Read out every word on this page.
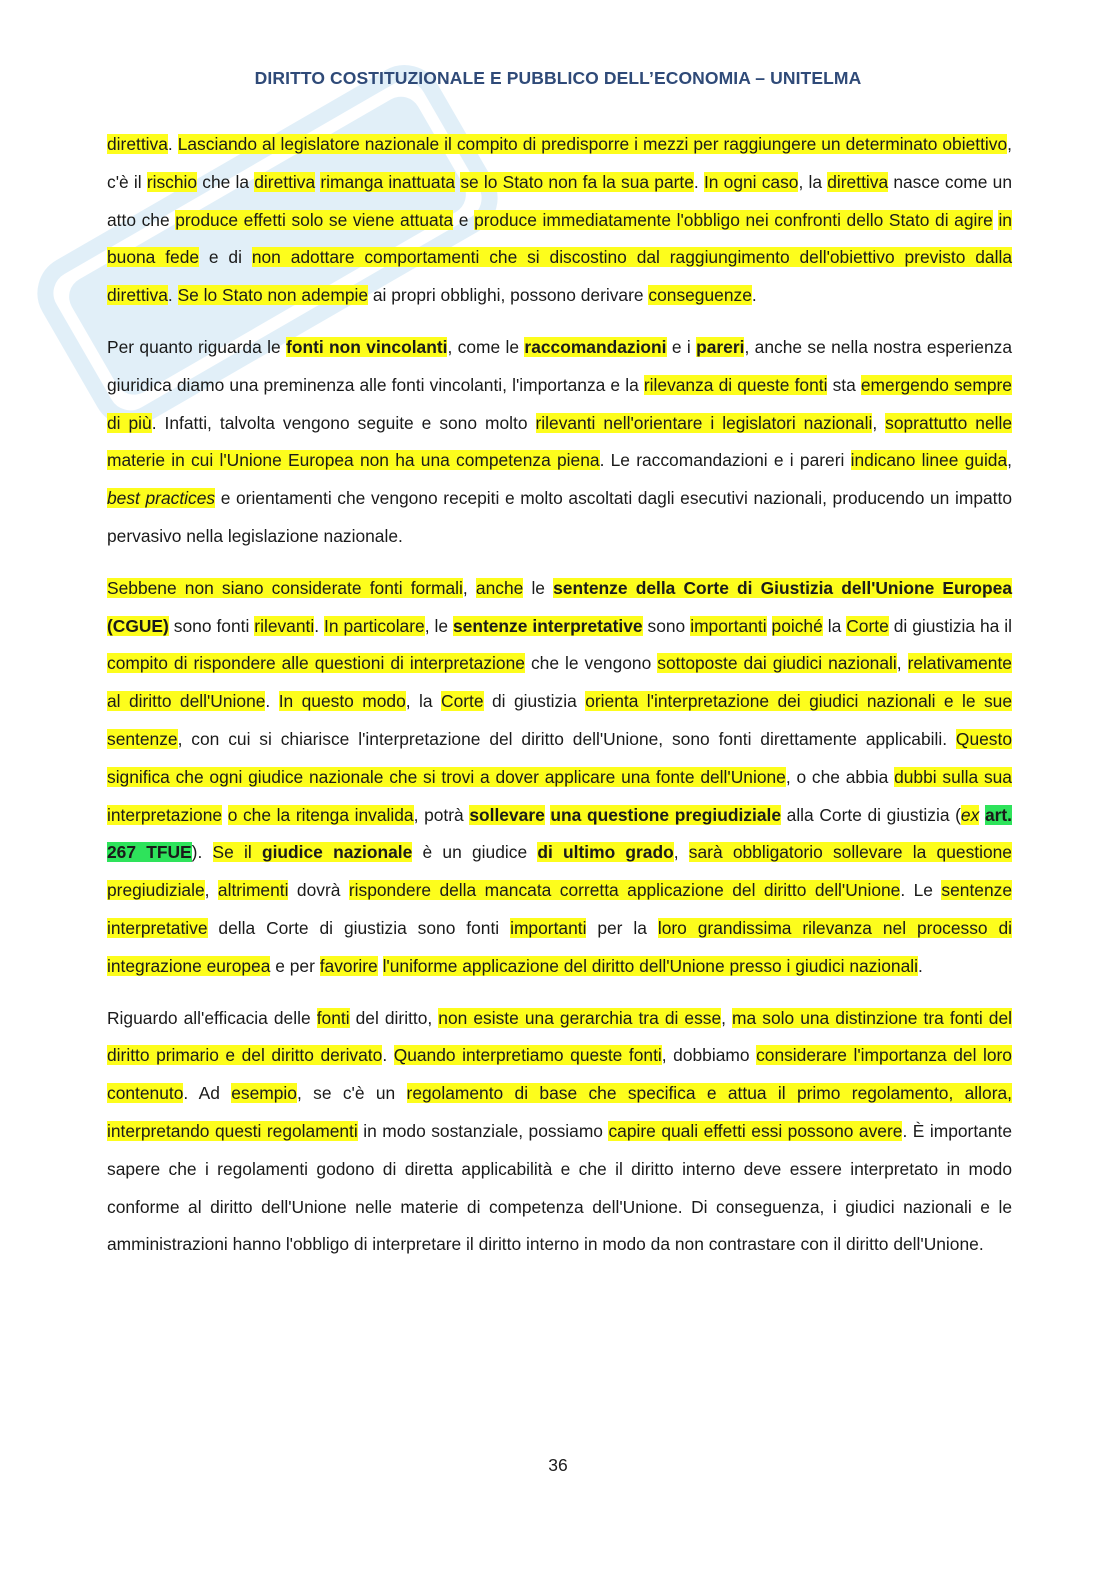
DIRITTO COSTITUZIONALE E PUBBLICO DELL’ECONOMIA – UNITELMA

direttiva. Lasciando al legislatore nazionale il compito di predisporre i mezzi per raggiungere un determinato obiettivo, c'è il rischio che la direttiva rimanga inattuata se lo Stato non fa la sua parte. In ogni caso, la direttiva nasce come un atto che produce effetti solo se viene attuata e produce immediatamente l'obbligo nei confronti dello Stato di agire in buona fede e di non adottare comportamenti che si discostino dal raggiungimento dell'obiettivo previsto dalla direttiva. Se lo Stato non adempie ai propri obblighi, possono derivare conseguenze.

Per quanto riguarda le fonti non vincolanti, come le raccomandazioni e i pareri, anche se nella nostra esperienza giuridica diamo una preminenza alle fonti vincolanti, l'importanza e la rilevanza di queste fonti sta emergendo sempre di più. Infatti, talvolta vengono seguite e sono molto rilevanti nell'orientare i legislatori nazionali, soprattutto nelle materie in cui l'Unione Europea non ha una competenza piena. Le raccomandazioni e i pareri indicano linee guida, best practices e orientamenti che vengono recepiti e molto ascoltati dagli esecutivi nazionali, producendo un impatto pervasivo nella legislazione nazionale.

Sebbene non siano considerate fonti formali, anche le sentenze della Corte di Giustizia dell'Unione Europea (CGUE) sono fonti rilevanti. In particolare, le sentenze interpretative sono importanti poiché la Corte di giustizia ha il compito di rispondere alle questioni di interpretazione che le vengono sottoposte dai giudici nazionali, relativamente al diritto dell'Unione. In questo modo, la Corte di giustizia orienta l'interpretazione dei giudici nazionali e le sue sentenze, con cui si chiarisce l'interpretazione del diritto dell'Unione, sono fonti direttamente applicabili. Questo significa che ogni giudice nazionale che si trovi a dover applicare una fonte dell'Unione, o che abbia dubbi sulla sua interpretazione o che la ritenga invalida, potrà sollevare una questione pregiudiziale alla Corte di giustizia (ex art. 267 TFUE). Se il giudice nazionale è un giudice di ultimo grado, sarà obbligatorio sollevare la questione pregiudiziale, altrimenti dovrà rispondere della mancata corretta applicazione del diritto dell'Unione. Le sentenze interpretative della Corte di giustizia sono fonti importanti per la loro grandissima rilevanza nel processo di integrazione europea e per favorire l'uniforme applicazione del diritto dell'Unione presso i giudici nazionali.

Riguardo all'efficacia delle fonti del diritto, non esiste una gerarchia tra di esse, ma solo una distinzione tra fonti del diritto primario e del diritto derivato. Quando interpretiamo queste fonti, dobbiamo considerare l'importanza del loro contenuto. Ad esempio, se c'è un regolamento di base che specifica e attua il primo regolamento, allora, interpretando questi regolamenti in modo sostanziale, possiamo capire quali effetti essi possono avere. È importante sapere che i regolamenti godono di diretta applicabilità e che il diritto interno deve essere interpretato in modo conforme al diritto dell'Unione nelle materie di competenza dell'Unione. Di conseguenza, i giudici nazionali e le amministrazioni hanno l'obbligo di interpretare il diritto interno in modo da non contrastare con il diritto dell'Unione.

36
